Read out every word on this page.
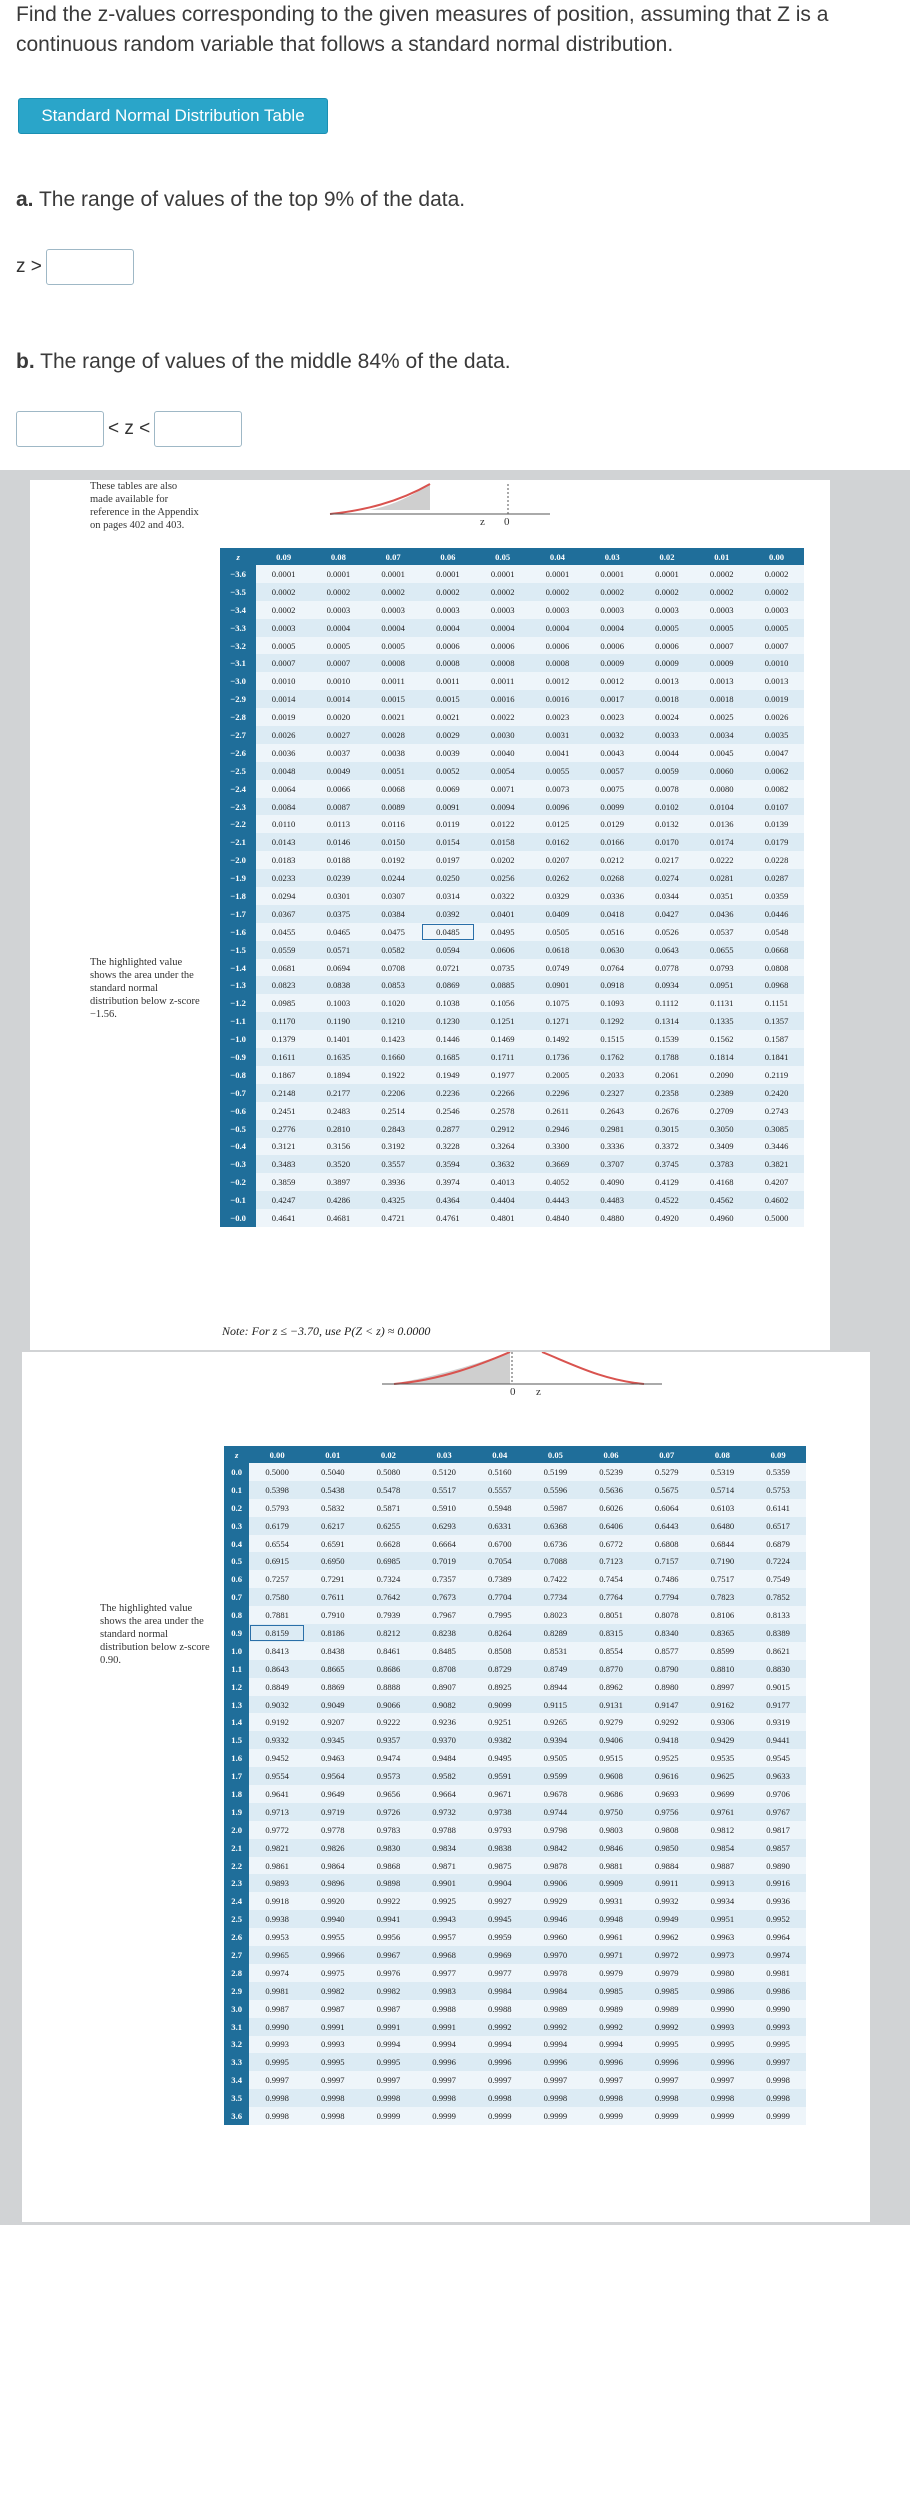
Find the z-values corresponding to the given measures of position, assuming that Z is a continuous random variable that follows a standard normal distribution.

Standard Normal Distribution Table
a. The range of values of the top 9% of the data.
z >
b. The range of values of the middle 84% of the data.
< z <
z 0
These tables are also made available for reference in the Appendix on pages 402 and 403.
The highlighted value shows the area under the standard normal distribution below z-score −1.56.
z	0.09	0.08	0.07	0.06	0.05	0.04	0.03	0.02	0.01	0.00
−3.6	0.0001	0.0001	0.0001	0.0001	0.0001	0.0001	0.0001	0.0001	0.0002	0.0002
−3.5	0.0002	0.0002	0.0002	0.0002	0.0002	0.0002	0.0002	0.0002	0.0002	0.0002
−3.4	0.0002	0.0003	0.0003	0.0003	0.0003	0.0003	0.0003	0.0003	0.0003	0.0003
−3.3	0.0003	0.0004	0.0004	0.0004	0.0004	0.0004	0.0004	0.0005	0.0005	0.0005
−3.2	0.0005	0.0005	0.0005	0.0006	0.0006	0.0006	0.0006	0.0006	0.0007	0.0007
−3.1	0.0007	0.0007	0.0008	0.0008	0.0008	0.0008	0.0009	0.0009	0.0009	0.0010
−3.0	0.0010	0.0010	0.0011	0.0011	0.0011	0.0012	0.0012	0.0013	0.0013	0.0013
−2.9	0.0014	0.0014	0.0015	0.0015	0.0016	0.0016	0.0017	0.0018	0.0018	0.0019
−2.8	0.0019	0.0020	0.0021	0.0021	0.0022	0.0023	0.0023	0.0024	0.0025	0.0026
−2.7	0.0026	0.0027	0.0028	0.0029	0.0030	0.0031	0.0032	0.0033	0.0034	0.0035
−2.6	0.0036	0.0037	0.0038	0.0039	0.0040	0.0041	0.0043	0.0044	0.0045	0.0047
−2.5	0.0048	0.0049	0.0051	0.0052	0.0054	0.0055	0.0057	0.0059	0.0060	0.0062
−2.4	0.0064	0.0066	0.0068	0.0069	0.0071	0.0073	0.0075	0.0078	0.0080	0.0082
−2.3	0.0084	0.0087	0.0089	0.0091	0.0094	0.0096	0.0099	0.0102	0.0104	0.0107
−2.2	0.0110	0.0113	0.0116	0.0119	0.0122	0.0125	0.0129	0.0132	0.0136	0.0139
−2.1	0.0143	0.0146	0.0150	0.0154	0.0158	0.0162	0.0166	0.0170	0.0174	0.0179
−2.0	0.0183	0.0188	0.0192	0.0197	0.0202	0.0207	0.0212	0.0217	0.0222	0.0228
−1.9	0.0233	0.0239	0.0244	0.0250	0.0256	0.0262	0.0268	0.0274	0.0281	0.0287
−1.8	0.0294	0.0301	0.0307	0.0314	0.0322	0.0329	0.0336	0.0344	0.0351	0.0359
−1.7	0.0367	0.0375	0.0384	0.0392	0.0401	0.0409	0.0418	0.0427	0.0436	0.0446
−1.6	0.0455	0.0465	0.0475	0.0485	0.0495	0.0505	0.0516	0.0526	0.0537	0.0548
−1.5	0.0559	0.0571	0.0582	0.0594	0.0606	0.0618	0.0630	0.0643	0.0655	0.0668
−1.4	0.0681	0.0694	0.0708	0.0721	0.0735	0.0749	0.0764	0.0778	0.0793	0.0808
−1.3	0.0823	0.0838	0.0853	0.0869	0.0885	0.0901	0.0918	0.0934	0.0951	0.0968
−1.2	0.0985	0.1003	0.1020	0.1038	0.1056	0.1075	0.1093	0.1112	0.1131	0.1151
−1.1	0.1170	0.1190	0.1210	0.1230	0.1251	0.1271	0.1292	0.1314	0.1335	0.1357
−1.0	0.1379	0.1401	0.1423	0.1446	0.1469	0.1492	0.1515	0.1539	0.1562	0.1587
−0.9	0.1611	0.1635	0.1660	0.1685	0.1711	0.1736	0.1762	0.1788	0.1814	0.1841
−0.8	0.1867	0.1894	0.1922	0.1949	0.1977	0.2005	0.2033	0.2061	0.2090	0.2119
−0.7	0.2148	0.2177	0.2206	0.2236	0.2266	0.2296	0.2327	0.2358	0.2389	0.2420
−0.6	0.2451	0.2483	0.2514	0.2546	0.2578	0.2611	0.2643	0.2676	0.2709	0.2743
−0.5	0.2776	0.2810	0.2843	0.2877	0.2912	0.2946	0.2981	0.3015	0.3050	0.3085
−0.4	0.3121	0.3156	0.3192	0.3228	0.3264	0.3300	0.3336	0.3372	0.3409	0.3446
−0.3	0.3483	0.3520	0.3557	0.3594	0.3632	0.3669	0.3707	0.3745	0.3783	0.3821
−0.2	0.3859	0.3897	0.3936	0.3974	0.4013	0.4052	0.4090	0.4129	0.4168	0.4207
−0.1	0.4247	0.4286	0.4325	0.4364	0.4404	0.4443	0.4483	0.4522	0.4562	0.4602
−0.0	0.4641	0.4681	0.4721	0.4761	0.4801	0.4840	0.4880	0.4920	0.4960	0.5000
Note: For z ≤ −3.70, use P(Z < z) ≈ 0.0000
0 z
The highlighted value shows the area under the standard normal distribution below z-score 0.90.
z	0.00	0.01	0.02	0.03	0.04	0.05	0.06	0.07	0.08	0.09
0.0	0.5000	0.5040	0.5080	0.5120	0.5160	0.5199	0.5239	0.5279	0.5319	0.5359
0.1	0.5398	0.5438	0.5478	0.5517	0.5557	0.5596	0.5636	0.5675	0.5714	0.5753
0.2	0.5793	0.5832	0.5871	0.5910	0.5948	0.5987	0.6026	0.6064	0.6103	0.6141
0.3	0.6179	0.6217	0.6255	0.6293	0.6331	0.6368	0.6406	0.6443	0.6480	0.6517
0.4	0.6554	0.6591	0.6628	0.6664	0.6700	0.6736	0.6772	0.6808	0.6844	0.6879
0.5	0.6915	0.6950	0.6985	0.7019	0.7054	0.7088	0.7123	0.7157	0.7190	0.7224
0.6	0.7257	0.7291	0.7324	0.7357	0.7389	0.7422	0.7454	0.7486	0.7517	0.7549
0.7	0.7580	0.7611	0.7642	0.7673	0.7704	0.7734	0.7764	0.7794	0.7823	0.7852
0.8	0.7881	0.7910	0.7939	0.7967	0.7995	0.8023	0.8051	0.8078	0.8106	0.8133
0.9	0.8159	0.8186	0.8212	0.8238	0.8264	0.8289	0.8315	0.8340	0.8365	0.8389
1.0	0.8413	0.8438	0.8461	0.8485	0.8508	0.8531	0.8554	0.8577	0.8599	0.8621
1.1	0.8643	0.8665	0.8686	0.8708	0.8729	0.8749	0.8770	0.8790	0.8810	0.8830
1.2	0.8849	0.8869	0.8888	0.8907	0.8925	0.8944	0.8962	0.8980	0.8997	0.9015
1.3	0.9032	0.9049	0.9066	0.9082	0.9099	0.9115	0.9131	0.9147	0.9162	0.9177
1.4	0.9192	0.9207	0.9222	0.9236	0.9251	0.9265	0.9279	0.9292	0.9306	0.9319
1.5	0.9332	0.9345	0.9357	0.9370	0.9382	0.9394	0.9406	0.9418	0.9429	0.9441
1.6	0.9452	0.9463	0.9474	0.9484	0.9495	0.9505	0.9515	0.9525	0.9535	0.9545
1.7	0.9554	0.9564	0.9573	0.9582	0.9591	0.9599	0.9608	0.9616	0.9625	0.9633
1.8	0.9641	0.9649	0.9656	0.9664	0.9671	0.9678	0.9686	0.9693	0.9699	0.9706
1.9	0.9713	0.9719	0.9726	0.9732	0.9738	0.9744	0.9750	0.9756	0.9761	0.9767
2.0	0.9772	0.9778	0.9783	0.9788	0.9793	0.9798	0.9803	0.9808	0.9812	0.9817
2.1	0.9821	0.9826	0.9830	0.9834	0.9838	0.9842	0.9846	0.9850	0.9854	0.9857
2.2	0.9861	0.9864	0.9868	0.9871	0.9875	0.9878	0.9881	0.9884	0.9887	0.9890
2.3	0.9893	0.9896	0.9898	0.9901	0.9904	0.9906	0.9909	0.9911	0.9913	0.9916
2.4	0.9918	0.9920	0.9922	0.9925	0.9927	0.9929	0.9931	0.9932	0.9934	0.9936
2.5	0.9938	0.9940	0.9941	0.9943	0.9945	0.9946	0.9948	0.9949	0.9951	0.9952
2.6	0.9953	0.9955	0.9956	0.9957	0.9959	0.9960	0.9961	0.9962	0.9963	0.9964
2.7	0.9965	0.9966	0.9967	0.9968	0.9969	0.9970	0.9971	0.9972	0.9973	0.9974
2.8	0.9974	0.9975	0.9976	0.9977	0.9977	0.9978	0.9979	0.9979	0.9980	0.9981
2.9	0.9981	0.9982	0.9982	0.9983	0.9984	0.9984	0.9985	0.9985	0.9986	0.9986
3.0	0.9987	0.9987	0.9987	0.9988	0.9988	0.9989	0.9989	0.9989	0.9990	0.9990
3.1	0.9990	0.9991	0.9991	0.9991	0.9992	0.9992	0.9992	0.9992	0.9993	0.9993
3.2	0.9993	0.9993	0.9994	0.9994	0.9994	0.9994	0.9994	0.9995	0.9995	0.9995
3.3	0.9995	0.9995	0.9995	0.9996	0.9996	0.9996	0.9996	0.9996	0.9996	0.9997
3.4	0.9997	0.9997	0.9997	0.9997	0.9997	0.9997	0.9997	0.9997	0.9997	0.9998
3.5	0.9998	0.9998	0.9998	0.9998	0.9998	0.9998	0.9998	0.9998	0.9998	0.9998
3.6	0.9998	0.9998	0.9999	0.9999	0.9999	0.9999	0.9999	0.9999	0.9999	0.9999
